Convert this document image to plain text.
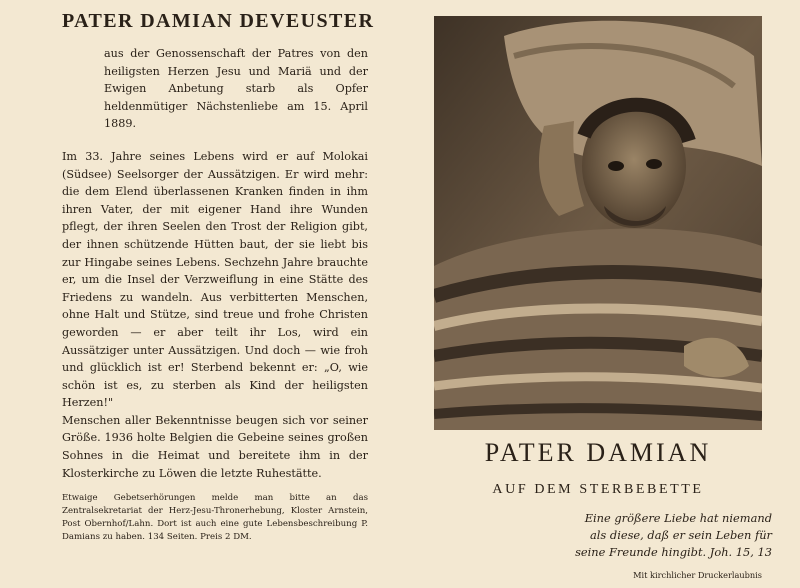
PATER DAMIAN DEVEUSTER
aus der Genossenschaft der Patres von den heiligsten Herzen Jesu und Mariä und der Ewigen Anbetung starb als Opfer heldenmütiger Nächstenliebe am 15. April 1889.

Im 33. Jahre seines Lebens wird er auf Molokai (Südsee) Seelsorger der Aussätzigen. Er wird mehr: die dem Elend überlassenen Kranken finden in ihm ihren Vater, der mit eigener Hand ihre Wunden pflegt, der ihren Seelen den Trost der Religion gibt, der ihnen schützende Hütten baut, der sie liebt bis zur Hingabe seines Lebens. Sechzehn Jahre brauchte er, um die Insel der Verzweiflung in eine Stätte des Friedens zu wandeln. Aus verbitterten Menschen, ohne Halt und Stütze, sind treue und frohe Christen geworden — er aber teilt ihr Los, wird ein Aussätziger unter Aussätzigen. Und doch — wie froh und glücklich ist er! Sterbend bekennt er: „O, wie schön ist es, zu sterben als Kind der heiligsten Herzen!"

Menschen aller Bekenntnisse beugen sich vor seiner Größe. 1936 holte Belgien die Gebeine seines großen Sohnes in die Heimat und bereitete ihm in der Klosterkirche zu Löwen die letzte Ruhestätte.

Etwaige Gebetserhörungen melde man bitte an das Zentralsekretariat der Herz-Jesu-Thronerhebung, Kloster Arnstein, Post Obernhof/Lahn. Dort ist auch eine gute Lebensbeschreibung P. Damians zu haben. 134 Seiten. Preis 2 DM.
PATER DAMIAN
AUF DEM STERBEBETTE
Eine größere Liebe hat niemand
als diese, daß er sein Leben für
seine Freunde hingibt. Joh. 15, 13
Mit kirchlicher Druckerlaubnis
